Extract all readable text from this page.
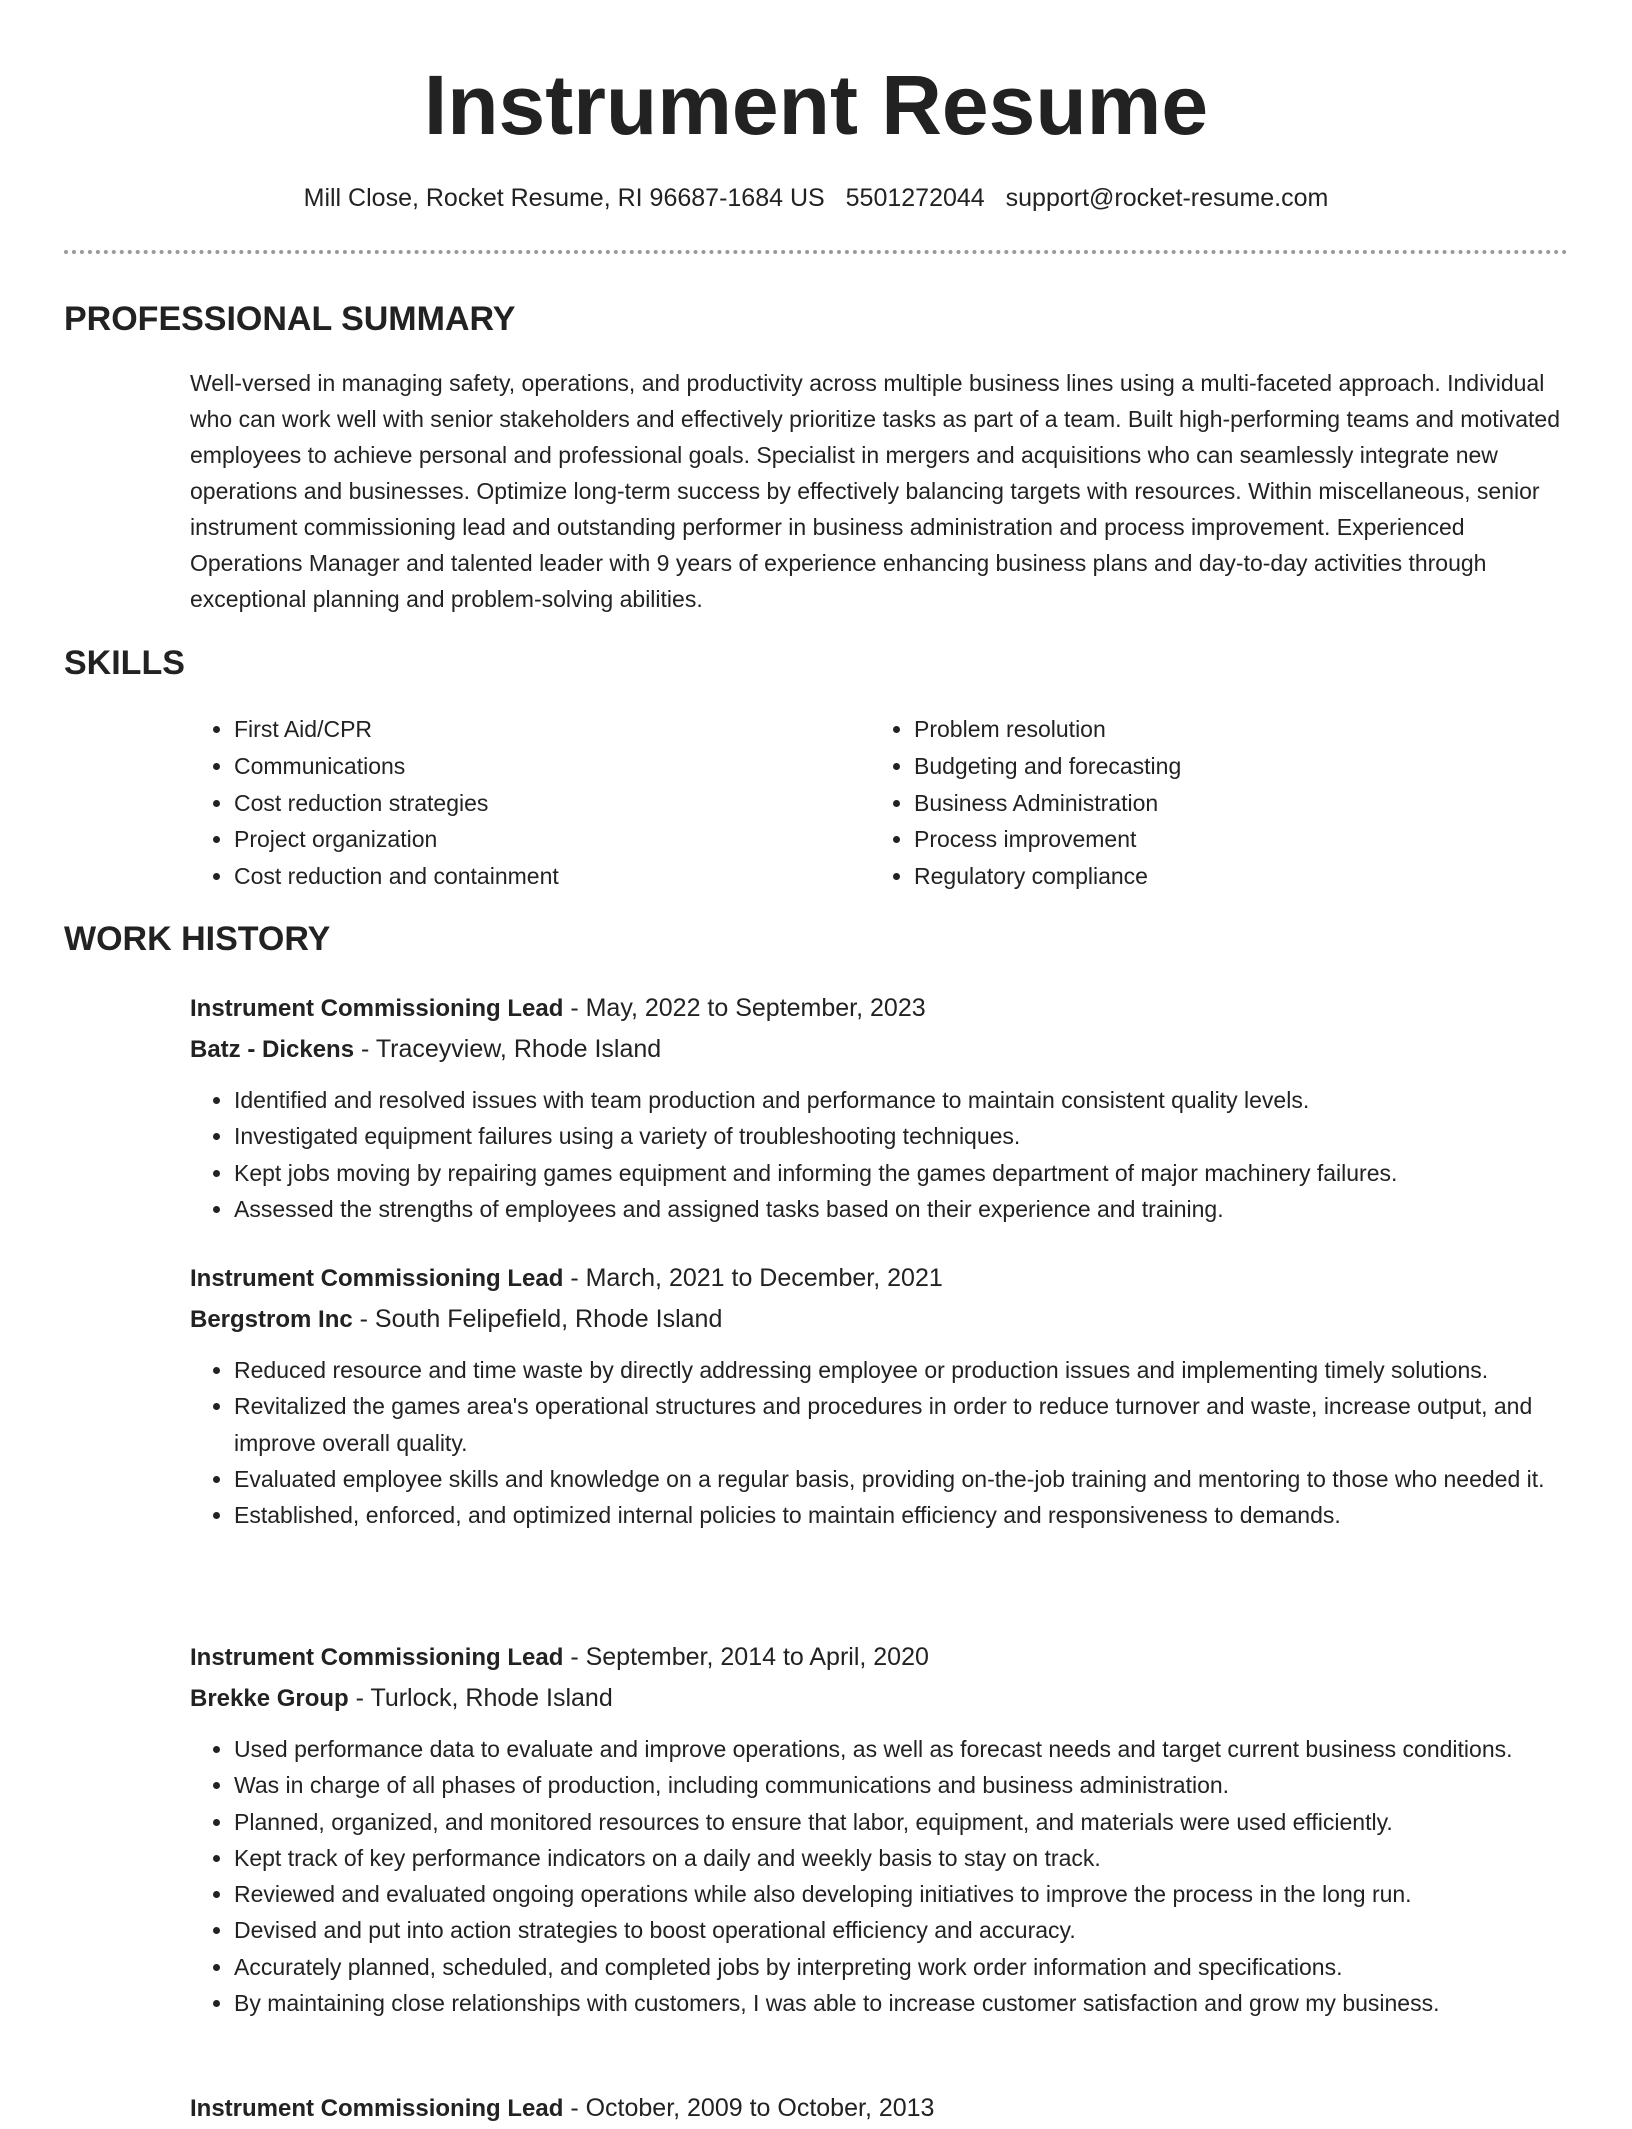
Instrument Resume
Mill Close, Rocket Resume, RI 96687-1684 US 5501272044 support@rocket-resume.com
PROFESSIONAL SUMMARY

Well-versed in managing safety, operations, and productivity across multiple business lines using a multi-faceted approach. Individual who can work well with senior stakeholders and effectively prioritize tasks as part of a team. Built high-performing teams and motivated employees to achieve personal and professional goals. Specialist in mergers and acquisitions who can seamlessly integrate new operations and businesses. Optimize long-term success by effectively balancing targets with resources. Within miscellaneous, senior instrument commissioning lead and outstanding performer in business administration and process improvement. Experienced Operations Manager and talented leader with 9 years of experience enhancing business plans and day-to-day activities through exceptional planning and problem-solving abilities.

SKILLS
• First Aid/CPR
• Communications
• Cost reduction strategies
• Project organization
• Cost reduction and containment
• Problem resolution
• Budgeting and forecasting
• Business Administration
• Process improvement
• Regulatory compliance
WORK HISTORY
Instrument Commissioning Lead - May, 2022 to September, 2023
Batz - Dickens - Traceyview, Rhode Island
• Identified and resolved issues with team production and performance to maintain consistent quality levels.
• Investigated equipment failures using a variety of troubleshooting techniques.
• Kept jobs moving by repairing games equipment and informing the games department of major machinery failures.
• Assessed the strengths of employees and assigned tasks based on their experience and training.
Instrument Commissioning Lead - March, 2021 to December, 2021
Bergstrom Inc - South Felipefield, Rhode Island
• Reduced resource and time waste by directly addressing employee or production issues and implementing timely solutions.
• Revitalized the games area's operational structures and procedures in order to reduce turnover and waste, increase output, and improve overall quality.
• Evaluated employee skills and knowledge on a regular basis, providing on-the-job training and mentoring to those who needed it.
• Established, enforced, and optimized internal policies to maintain efficiency and responsiveness to demands.
Instrument Commissioning Lead - September, 2014 to April, 2020
Brekke Group - Turlock, Rhode Island
• Used performance data to evaluate and improve operations, as well as forecast needs and target current business conditions.
• Was in charge of all phases of production, including communications and business administration.
• Planned, organized, and monitored resources to ensure that labor, equipment, and materials were used efficiently.
• Kept track of key performance indicators on a daily and weekly basis to stay on track.
• Reviewed and evaluated ongoing operations while also developing initiatives to improve the process in the long run.
• Devised and put into action strategies to boost operational efficiency and accuracy.
• Accurately planned, scheduled, and completed jobs by interpreting work order information and specifications.
• By maintaining close relationships with customers, I was able to increase customer satisfaction and grow my business.
Instrument Commissioning Lead - October, 2009 to October, 2013
